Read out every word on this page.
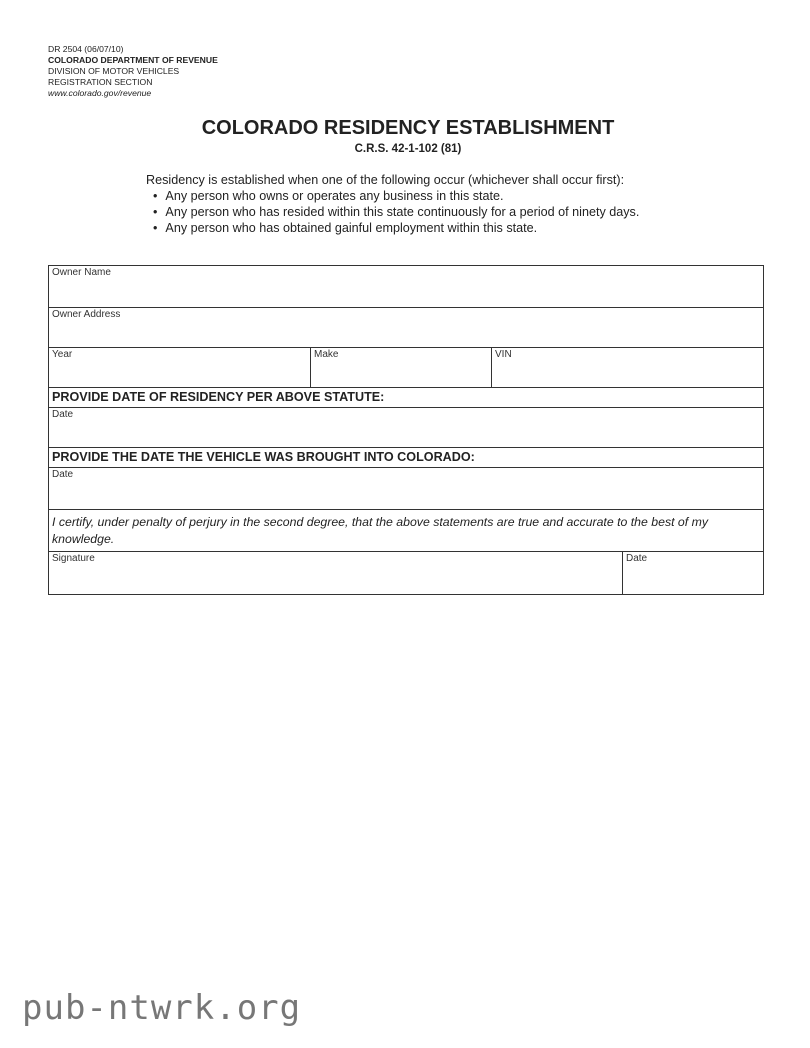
DR 2504 (06/07/10)
COLORADO DEPARTMENT OF REVENUE
DIVISION OF MOTOR VEHICLES
REGISTRATION SECTION
www.colorado.gov/revenue
COLORADO RESIDENCY ESTABLISHMENT
C.R.S. 42-1-102 (81)
Residency is established when one of the following occur (whichever shall occur first):
• Any person who owns or operates any business in this state.
• Any person who has resided within this state continuously for a period of ninety days.
• Any person who has obtained gainful employment within this state.
Owner Name
Owner Address
Year	Make	VIN
PROVIDE DATE OF RESIDENCY PER ABOVE STATUTE:
Date
PROVIDE THE DATE THE VEHICLE WAS BROUGHT INTO COLORADO:
Date
I certify, under penalty of perjury in the second degree, that the above statements are true and accurate to the best of my knowledge.
Signature	Date
pub-ntwrk.org
